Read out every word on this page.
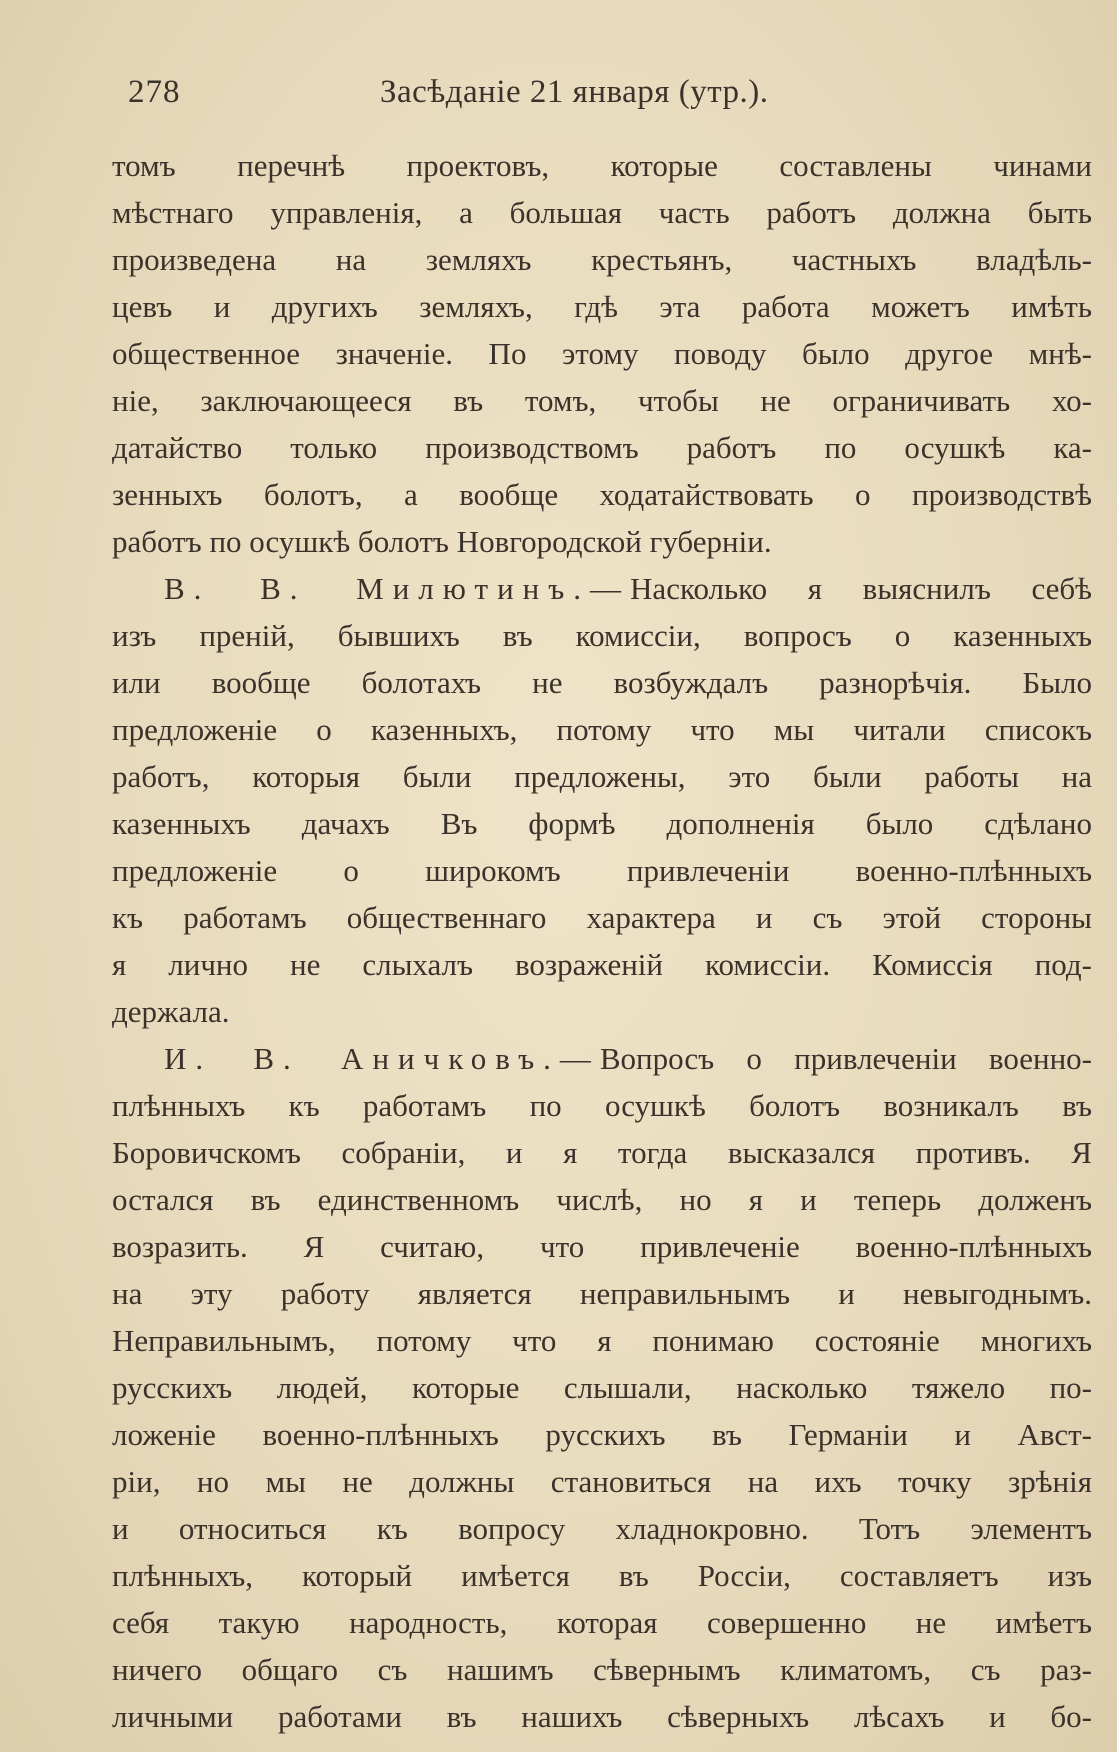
278	Засѣданіе 21 января (утр.).
томъ перечнѣ проектовъ, которые составлены чинами
мѣстнаго управленія, а большая часть работъ должна быть
произведена на земляхъ крестьянъ, частныхъ владѣль-
цевъ и другихъ земляхъ, гдѣ эта работа можетъ имѣть
общественное значеніе. По этому поводу было другое мнѣ-
ніе, заключающееся въ томъ, чтобы не ограничивать хо-
датайство только производствомъ работъ по осушкѣ ка-
зенныхъ болотъ, а вообще ходатайствовать о производствѣ
работъ по осушкѣ болотъ Новгородской губерніи.
В. В. Милютинъ.—Насколько я выяснилъ себѣ
изъ преній, бывшихъ въ комиссіи, вопросъ о казенныхъ
или вообще болотахъ не возбуждалъ разнорѣчія. Было
предложеніе о казенныхъ, потому что мы читали списокъ
работъ, которыя были предложены, это были работы на
казенныхъ дачахъ Въ формѣ дополненія было сдѣлано
предложеніе о широкомъ привлеченіи военно-плѣнныхъ
къ работамъ общественнаго характера и съ этой стороны
я лично не слыхалъ возраженій комиссіи. Комиссія под-
держала.
И. В. Аничковъ.—Вопросъ о привлеченіи военно-
плѣнныхъ къ работамъ по осушкѣ болотъ возникалъ въ
Боровичскомъ собраніи, и я тогда высказался противъ. Я
остался въ единственномъ числѣ, но я и теперь долженъ
возразить. Я считаю, что привлеченіе военно-плѣнныхъ
на эту работу является неправильнымъ и невыгоднымъ.
Неправильнымъ, потому что я понимаю состояніе многихъ
русскихъ людей, которые слышали, насколько тяжело по-
ложеніе военно-плѣнныхъ русскихъ въ Германіи и Авст-
ріи, но мы не должны становиться на ихъ точку зрѣнія
и относиться къ вопросу хладнокровно. Тотъ элементъ
плѣнныхъ, который имѣется въ Россіи, составляетъ изъ
себя такую народность, которая совершенно не имѣетъ
ничего общаго съ нашимъ сѣвернымъ климатомъ, съ раз-
личными работами въ нашихъ сѣверныхъ лѣсахъ и бо-
